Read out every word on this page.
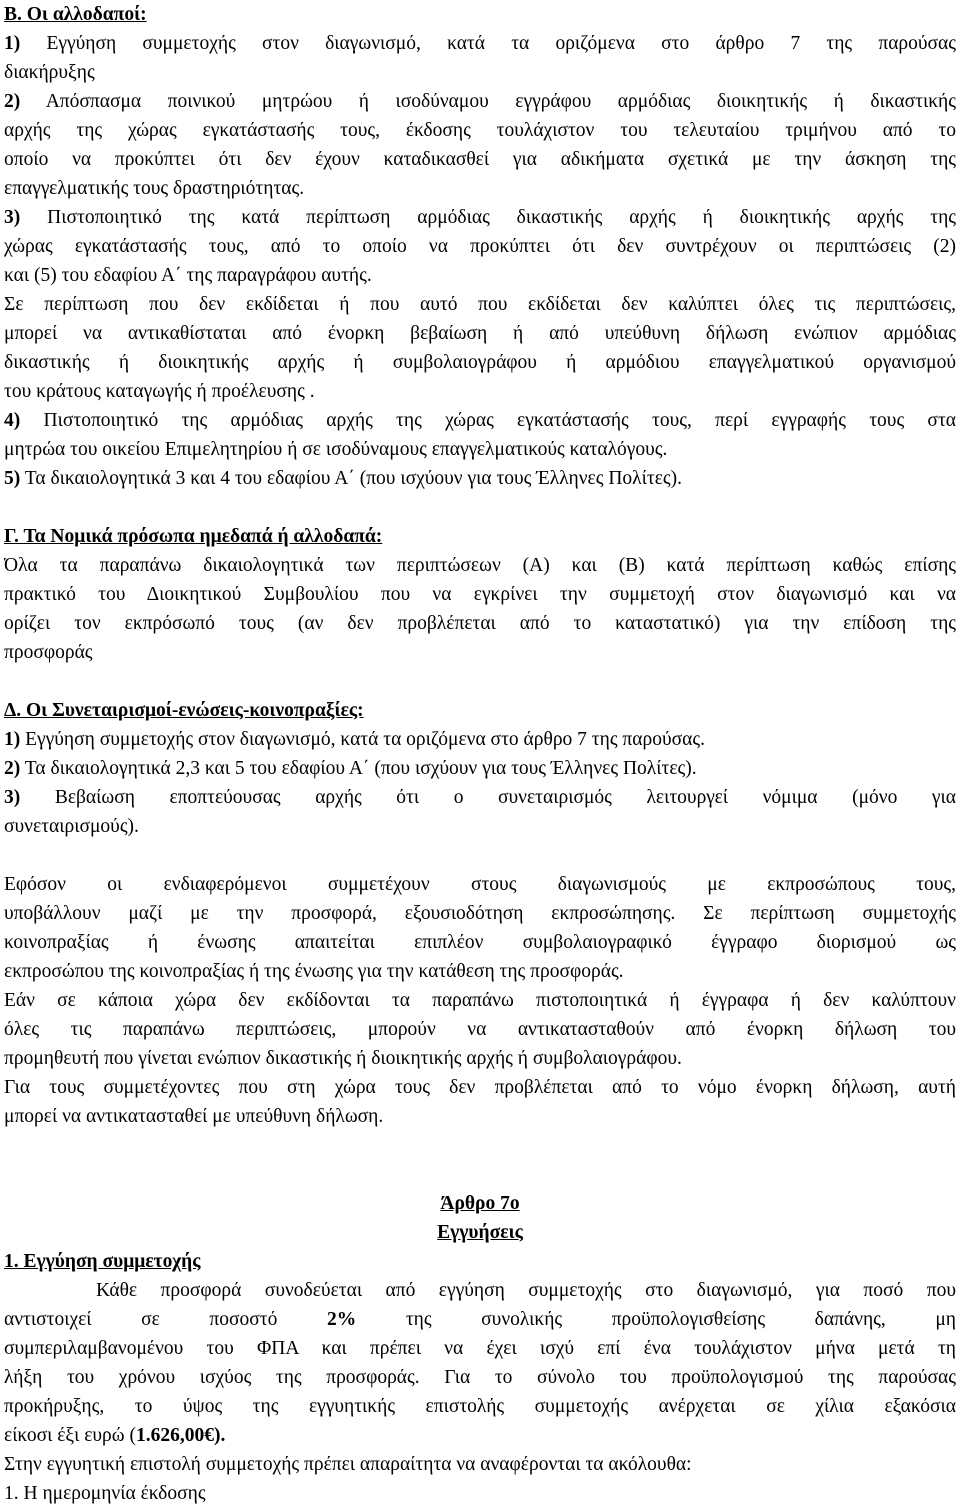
Β. Οι αλλοδαποί:
1) Εγγύηση συμμετοχής στον διαγωνισμό, κατά τα οριζόμενα στο άρθρο 7 της παρούσας
διακήρυξης
2) Απόσπασμα ποινικού μητρώου ή ισοδύναμου εγγράφου αρμόδιας διοικητικής ή δικαστικής
αρχής της χώρας εγκατάστασής τους, έκδοσης τουλάχιστον του τελευταίου τριμήνου από το
οποίο να προκύπτει ότι δεν έχουν καταδικασθεί για αδικήματα σχετικά με την άσκηση της
επαγγελματικής τους δραστηριότητας.
3) Πιστοποιητικό της κατά περίπτωση αρμόδιας δικαστικής αρχής ή διοικητικής αρχής της
χώρας εγκατάστασής τους, από το οποίο να προκύπτει ότι δεν συντρέχουν οι περιπτώσεις (2)
και (5) του εδαφίου Α΄ της παραγράφου αυτής.
Σε περίπτωση που δεν εκδίδεται ή που αυτό που εκδίδεται δεν καλύπτει όλες τις περιπτώσεις,
μπορεί να αντικαθίσταται από ένορκη βεβαίωση ή από υπεύθυνη δήλωση ενώπιον αρμόδιας
δικαστικής ή διοικητικής αρχής ή συμβολαιογράφου ή αρμόδιου επαγγελματικού οργανισμού
του κράτους καταγωγής ή προέλευσης .
4) Πιστοποιητικό της αρμόδιας αρχής της χώρας εγκατάστασής τους, περί εγγραφής τους στα
μητρώα του οικείου Επιμελητηρίου ή σε ισοδύναμους επαγγελματικούς καταλόγους.
5) Τα δικαιολογητικά 3 και 4 του εδαφίου Α΄ (που ισχύουν για τους Έλληνες Πολίτες).
Γ. Τα Νομικά πρόσωπα ημεδαπά ή αλλοδαπά:
Όλα τα παραπάνω δικαιολογητικά των περιπτώσεων (Α) και (Β) κατά περίπτωση καθώς επίσης
πρακτικό του Διοικητικού Συμβουλίου που να εγκρίνει την συμμετοχή στον διαγωνισμό και να
ορίζει τον εκπρόσωπό τους (αν δεν προβλέπεται από το καταστατικό) για την επίδοση της
προσφοράς
Δ. Οι Συνεταιρισμοί-ενώσεις-κοινοπραξίες:
1) Εγγύηση συμμετοχής στον διαγωνισμό, κατά τα οριζόμενα στο άρθρο 7 της παρούσας.
2) Τα δικαιολογητικά 2,3 και 5 του εδαφίου Α΄ (που ισχύουν για τους Έλληνες Πολίτες).
3) Βεβαίωση εποπτεύουσας αρχής ότι ο συνεταιρισμός λειτουργεί νόμιμα (μόνο για
συνεταιρισμούς).
Εφόσον οι ενδιαφερόμενοι συμμετέχουν στους διαγωνισμούς με εκπροσώπους τους,
υποβάλλουν μαζί με την προσφορά, εξουσιοδότηση εκπροσώπησης. Σε περίπτωση συμμετοχής
κοινοπραξίας ή ένωσης απαιτείται επιπλέον συμβολαιογραφικό έγγραφο διορισμού ως
εκπροσώπου της κοινοπραξίας ή της ένωσης για την κατάθεση της προσφοράς.
Εάν σε κάποια χώρα δεν εκδίδονται τα παραπάνω πιστοποιητικά ή έγγραφα ή δεν καλύπτουν
όλες τις παραπάνω περιπτώσεις, μπορούν να αντικατασταθούν από ένορκη δήλωση του
προμηθευτή που γίνεται ενώπιον δικαστικής ή διοικητικής αρχής ή συμβολαιογράφου.
Για τους συμμετέχοντες που στη χώρα τους δεν προβλέπεται από το νόμο ένορκη δήλωση, αυτή
μπορεί να αντικατασταθεί με υπεύθυνη δήλωση.
Άρθρο 7ο
Εγγυήσεις
1. Εγγύηση συμμετοχής
Κάθε προσφορά συνοδεύεται από εγγύηση συμμετοχής στο διαγωνισμό, για ποσό που
αντιστοιχεί σε ποσοστό	2%	της συνολικής προϋπολογισθείσης δαπάνης, μη
συμπεριλαμβανομένου του ΦΠΑ και πρέπει να έχει ισχύ επί ένα τουλάχιστον μήνα μετά τη
λήξη του χρόνου ισχύος της προσφοράς. Για το σύνολο του προϋπολογισμού της παρούσας
προκήρυξης, το ύψος της εγγυητικής επιστολής συμμετοχής ανέρχεται σε χίλια εξακόσια
είκοσι έξι ευρώ (1.626,00€).
Στην εγγυητική επιστολή συμμετοχής πρέπει απαραίτητα να αναφέρονται τα ακόλουθα:
1. Η ημερομηνία έκδοσης
